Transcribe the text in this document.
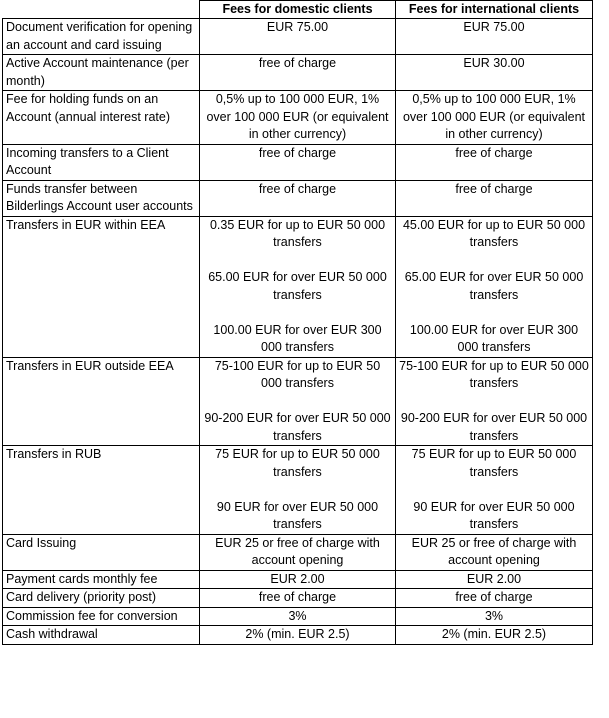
	Fees for domestic clients	Fees for international clients
Document verification for opening an account and card issuing	EUR 75.00	EUR 75.00

Active Account maintenance (per month)	free of charge	EUR 30.00

Fee for holding funds on an Account (annual interest rate)	0,5% up to 100 000 EUR, 1% over 100 000 EUR (or equivalent in other currency)	0,5% up to 100 000 EUR, 1% over 100 000 EUR (or equivalent in other currency)

Incoming transfers to a Client Account	free of charge	free of charge

Funds transfer between Bilderlings Account user accounts	free of charge	free of charge

Transfers in EUR within EEA	0.35 EUR for up to EUR 50 000 transfers
65.00 EUR for over EUR 50 000 transfers
100.00 EUR for over EUR 300 000 transfers	45.00 EUR for up to EUR 50 000 transfers
65.00 EUR for over EUR 50 000 transfers
100.00 EUR for over EUR 300 000 transfers

Transfers in EUR outside EEA	75-100 EUR for up to EUR 50 000 transfers
90-200 EUR for over EUR 50 000 transfers	75-100 EUR for up to EUR 50 000 transfers
90-200 EUR for over EUR 50 000 transfers

Transfers in RUB	75 EUR for up to EUR 50 000 transfers
90 EUR for over EUR 50 000 transfers	75 EUR for up to EUR 50 000 transfers
90 EUR for over EUR 50 000 transfers

Card Issuing	EUR 25 or free of charge with account opening	EUR 25 or free of charge with account opening

Payment cards monthly fee	EUR 2.00	EUR 2.00

Card delivery (priority post)	free of charge	free of charge

Commission fee for conversion	3%	3%

Cash withdrawal	2% (min. EUR 2.5)	2% (min. EUR 2.5)
